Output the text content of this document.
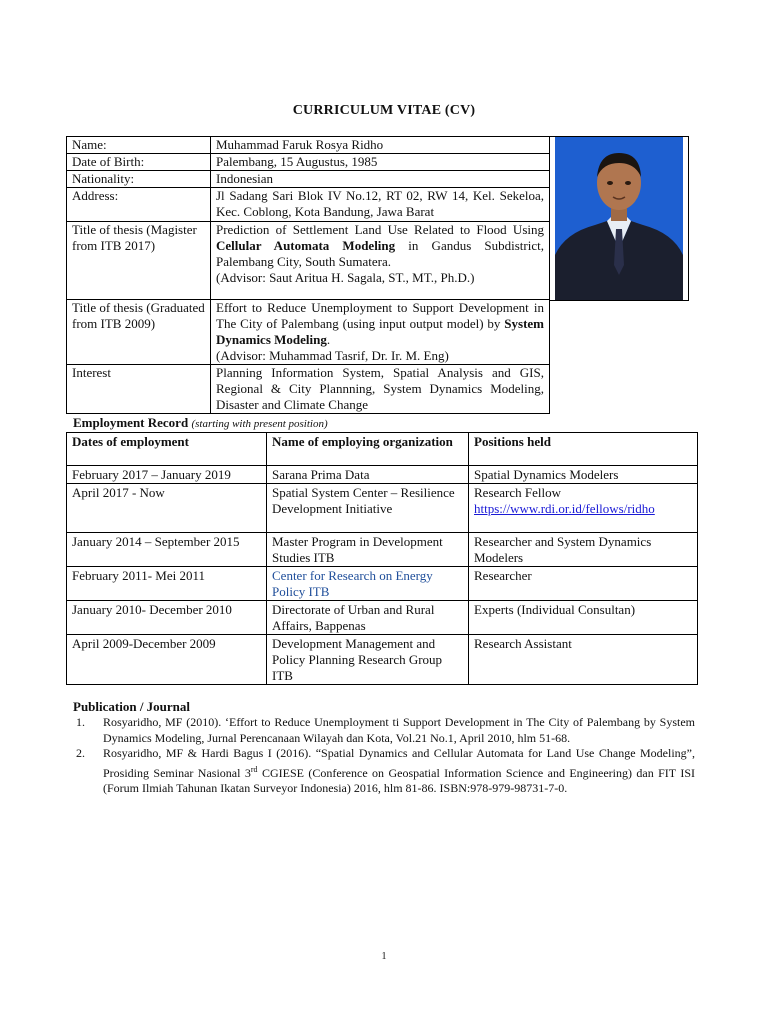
CURRICULUM VITAE (CV)
Name:	Muhammad Faruk Rosya Ridho
Date of Birth:	Palembang, 15 Augustus, 1985
Nationality:	Indonesian
Address:	Jl Sadang Sari Blok IV No.12, RT 02, RW 14, Kel. Sekeloa, Kec. Coblong, Kota Bandung, Jawa Barat
Title of thesis (Magister from ITB 2017)	Prediction of Settlement Land Use Related to Flood Using Cellular Automata Modeling in Gandus Subdistrict, Palembang City, South Sumatera.
(Advisor: Saut Aritua H. Sagala, ST., MT., Ph.D.)
Title of thesis (Graduated from ITB 2009)	Effort to Reduce Unemployment to Support Development in The City of Palembang (using input output model) by System Dynamics Modeling.
(Advisor: Muhammad Tasrif, Dr. Ir. M. Eng)
Interest	Planning Information System, Spatial Analysis and GIS, Regional & City Plannning, System Dynamics Modeling, Disaster and Climate Change
Employment Record (starting with present position)
Dates of employment	Name of employing organization	Positions held
February 2017 – January 2019	Sarana Prima Data	Spatial Dynamics Modelers
April 2017 - Now	Spatial System Center – Resilience Development Initiative	Research Fellow
https://www.rdi.or.id/fellows/ridho
January 2014 – September 2015	Master Program in Development Studies ITB	Researcher and System Dynamics Modelers
February 2011- Mei 2011	Center for Research on Energy Policy ITB	Researcher
January 2010- December 2010	Directorate of Urban and Rural Affairs, Bappenas	Experts (Individual Consultan)
April 2009-December 2009	Development Management and Policy Planning Research Group ITB	Research Assistant
Publication / Journal
1. Rosyaridho, MF (2010). ‘Effort to Reduce Unemployment ti Support Development in The City of Palembang by System Dynamics Modeling, Jurnal Perencanaan Wilayah dan Kota, Vol.21 No.1, April 2010, hlm 51-68.
2. Rosyaridho, MF & Hardi Bagus I (2016). “Spatial Dynamics and Cellular Automata for Land Use Change Modeling”, Prosiding Seminar Nasional 3rd CGIESE (Conference on Geospatial Information Science and Engineering) dan FIT ISI (Forum Ilmiah Tahunan Ikatan Surveyor Indonesia) 2016, hlm 81-86. ISBN:978-979-98731-7-0.
1
